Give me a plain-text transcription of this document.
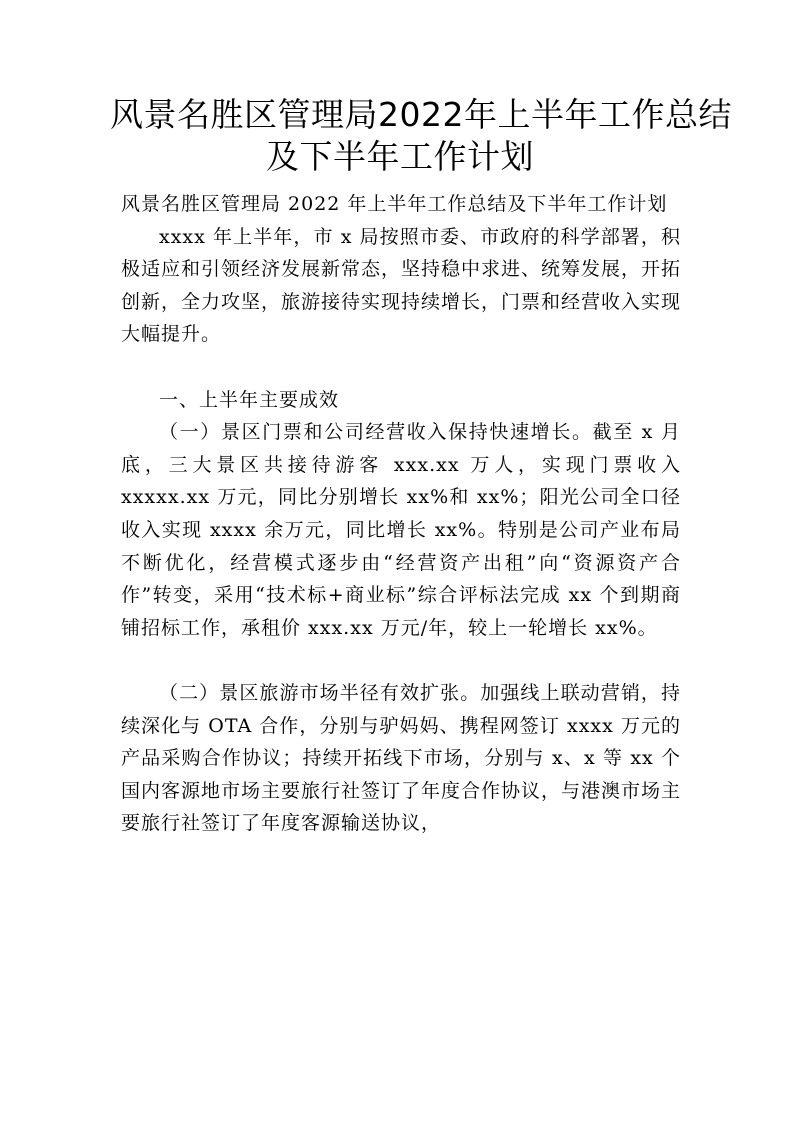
风景名胜区管理局2022年上半年工作总结
及下半年工作计划

风景名胜区管理局 2022 年上半年工作总结及下半年工作计划

xxxx 年上半年，市 x 局按照市委、市政府的科学部署，积极适应和引领经济发展新常态，坚持稳中求进、统筹发展，开拓创新，全力攻坚，旅游接待实现持续增长，门票和经营收入实现大幅提升。

一、上半年主要成效

（一）景区门票和公司经营收入保持快速增长。截至 x 月底，三大景区共接待游客 xxx.xx 万人，实现门票收入 xxxxx.xx 万元，同比分别增长 xx%和 xx%；阳光公司全口径收入实现 xxxx 余万元，同比增长 xx%。特别是公司产业布局不断优化，经营模式逐步由“经营资产出租”向“资源资产合作”转变，采用“技术标+商业标”综合评标法完成 xx 个到期商铺招标工作，承租价 xxx.xx 万元/年，较上一轮增长 xx%。

（二）景区旅游市场半径有效扩张。加强线上联动营销，持续深化与 OTA 合作，分别与驴妈妈、携程网签订 xxxx 万元的产品采购合作协议；持续开拓线下市场，分别与 x、x 等 xx 个国内客源地市场主要旅行社签订了年度合作协议，与港澳市场主要旅行社签订了年度客源输送协议，
